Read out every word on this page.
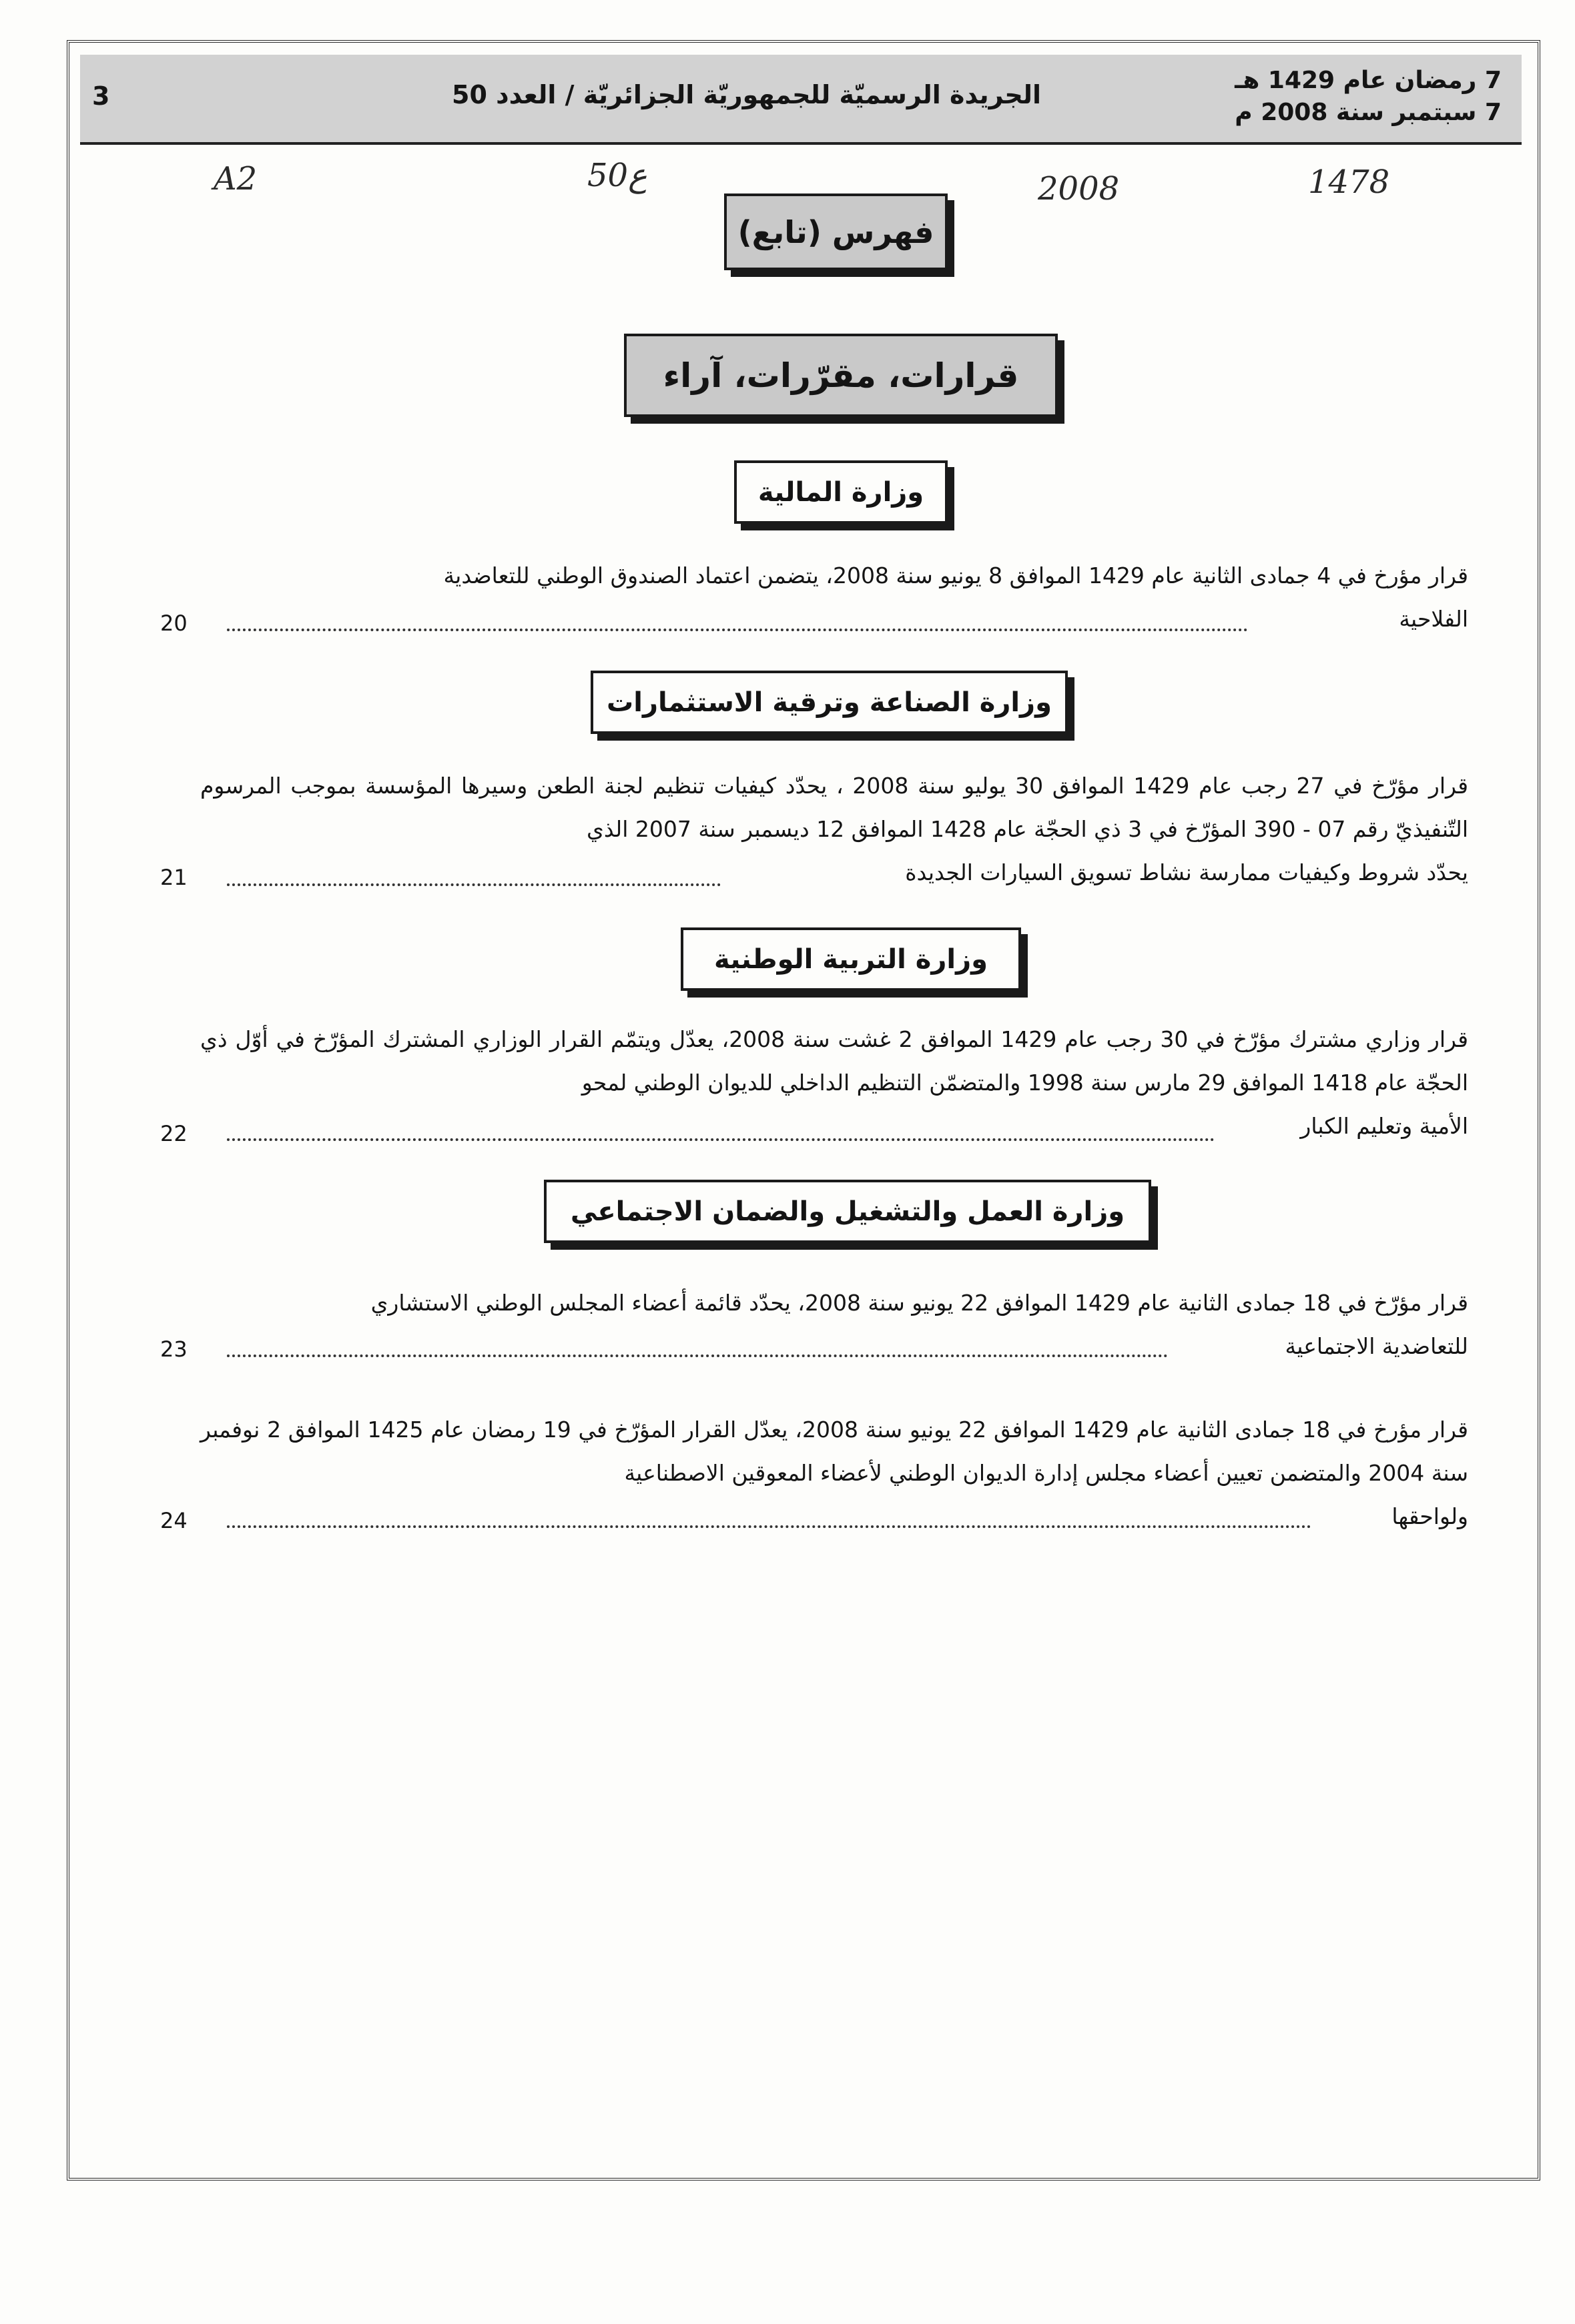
7 رمضان عام 1429 هـ
7 سبتمبر سنة 2008 م
الجريدة الرسميّة للجمهوريّة الجزائريّة / العدد 50
3
A2	50ع	2008	1478
فهرس (تابع)
قرارات، مقرّرات، آراء
وزارة المالية
قرار مؤرخ في 4 جمادى الثانية عام 1429 الموافق 8 يونيو سنة 2008، يتضمن اعتماد الصندوق الوطني للتعاضدية
الفلاحية
20
وزارة الصناعة وترقية الاستثمارات
قرار مؤرّخ في 27 رجب عام 1429 الموافق 30 يوليو سنة 2008 ، يحدّد كيفيات تنظيم لجنة الطعن وسيرها المؤسسة بموجب المرسوم التّنفيذيّ رقم 07 - 390 المؤرّخ في 3 ذي الحجّة عام 1428 الموافق 12 ديسمبر سنة 2007 الذي
يحدّد شروط وكيفيات ممارسة نشاط تسويق السيارات الجديدة
21
وزارة التربية الوطنية
قرار وزاري مشترك مؤرّخ في 30 رجب عام 1429 الموافق 2 غشت سنة 2008، يعدّل ويتمّم القرار الوزاري المشترك المؤرّخ في أوّل ذي الحجّة عام 1418 الموافق 29 مارس سنة 1998 والمتضمّن التنظيم الداخلي للديوان الوطني لمحو
الأمية وتعليم الكبار
22
وزارة العمل والتشغيل والضمان الاجتماعي
قرار مؤرّخ في 18 جمادى الثانية عام 1429 الموافق 22 يونيو سنة 2008، يحدّد قائمة أعضاء المجلس الوطني الاستشاري
للتعاضدية الاجتماعية
23
قرار مؤرخ في 18 جمادى الثانية عام 1429 الموافق 22 يونيو سنة 2008، يعدّل القرار المؤرّخ في 19 رمضان عام 1425 الموافق 2 نوفمبر سنة 2004 والمتضمن تعيين أعضاء مجلس إدارة الديوان الوطني لأعضاء المعوقين الاصطناعية
ولواحقها
24
